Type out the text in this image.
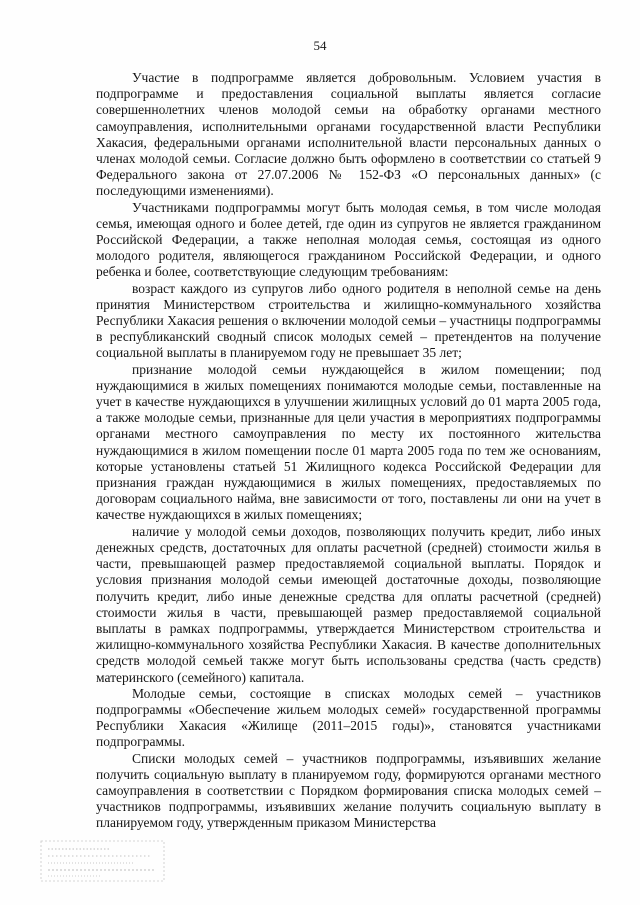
54

Участие в подпрограмме является добровольным. Условием участия в подпрограмме и предоставления социальной выплаты является согласие совершеннолетних членов молодой семьи на обработку органами местного самоуправления, исполнительными органами государственной власти Республики Хакасия, федеральными органами исполнительной власти персональных данных о членах молодой семьи. Согласие должно быть оформлено в соответствии со статьей 9 Федерального закона от 27.07.2006 № 152-ФЗ «О персональных данных» (с последующими изменениями).

Участниками подпрограммы могут быть молодая семья, в том числе молодая семья, имеющая одного и более детей, где один из супругов не является гражданином Российской Федерации, а также неполная молодая семья, состоящая из одного молодого родителя, являющегося гражданином Российской Федерации, и одного ребенка и более, соответствующие следующим требованиям:

возраст каждого из супругов либо одного родителя в неполной семье на день принятия Министерством строительства и жилищно-коммунального хозяйства Республики Хакасия решения о включении молодой семьи – участницы подпрограммы в республиканский сводный список молодых семей – претендентов на получение социальной выплаты в планируемом году не превышает 35 лет;

признание молодой семьи нуждающейся в жилом помещении; под нуждающимися в жилых помещениях понимаются молодые семьи, поставленные на учет в качестве нуждающихся в улучшении жилищных условий до 01 марта 2005 года, а также молодые семьи, признанные для цели участия в мероприятиях подпрограммы органами местного самоуправления по месту их постоянного жительства нуждающимися в жилом помещении после 01 марта 2005 года по тем же основаниям, которые установлены статьей 51 Жилищного кодекса Российской Федерации для признания граждан нуждающимися в жилых помещениях, предоставляемых по договорам социального найма, вне зависимости от того, поставлены ли они на учет в качестве нуждающихся в жилых помещениях;

наличие у молодой семьи доходов, позволяющих получить кредит, либо иных денежных средств, достаточных для оплаты расчетной (средней) стоимости жилья в части, превышающей размер предоставляемой социальной выплаты. Порядок и условия признания молодой семьи имеющей достаточные доходы, позволяющие получить кредит, либо иные денежные средства для оплаты расчетной (средней) стоимости жилья в части, превышающей размер предоставляемой социальной выплаты в рамках подпрограммы, утверждается Министерством строительства и жилищно-коммунального хозяйства Республики Хакасия. В качестве дополнительных средств молодой семьей также могут быть использованы средства (часть средств) материнского (семейного) капитала.

Молодые семьи, состоящие в списках молодых семей – участников подпрограммы «Обеспечение жильем молодых семей» государственной программы Республики Хакасия «Жилище (2011–2015 годы)», становятся участниками подпрограммы.

Списки молодых семей – участников подпрограммы, изъявивших желание получить социальную выплату в планируемом году, формируются органами местного самоуправления в соответствии с Порядком формирования списка молодых семей – участников подпрограммы, изъявивших желание получить социальную выплату в планируемом году, утвержденным приказом Министерства
